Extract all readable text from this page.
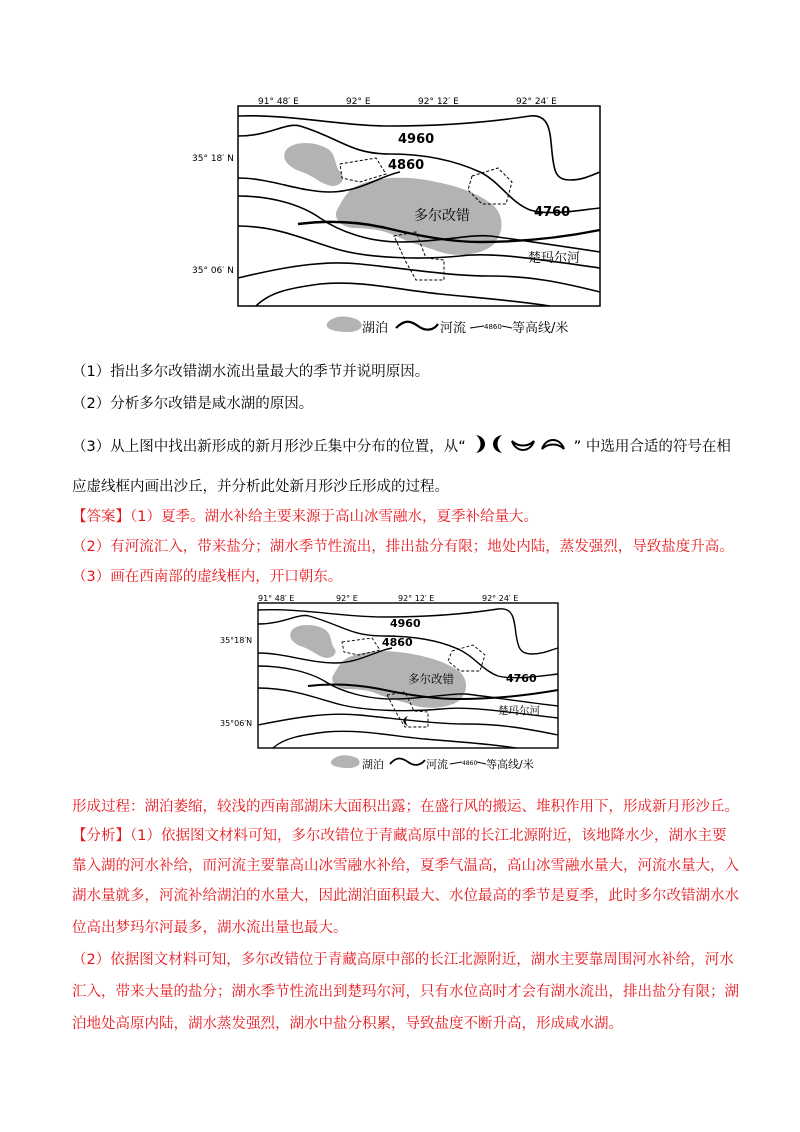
91° 48′ E	92° E	92° 12′ E	92° 24′ E
35° 18′ N
35° 06′ N
4960
4860
4760
多尔改错
楚玛尔河
湖泊	河流	4860 等高线/米
（1）指出多尔改错湖水流出量最大的季节并说明原因。
（2）分析多尔改错是咸水湖的原因。
（3）从上图中找出新形成的新月形沙丘集中分布的位置，从“	” 中选用合适的符号在相
应虚线框内画出沙丘，并分析此处新月形沙丘形成的过程。
【答案】（1）夏季。湖水补给主要来源于高山冰雪融水，夏季补给量大。
（2）有河流汇入，带来盐分；湖水季节性流出，排出盐分有限；地处内陆，蒸发强烈，导致盐度升高。
（3）画在西南部的虚线框内，开口朝东。
91° 48′ E	92° E	92° 12′ E	92° 24′ E
35°18′N
35°06′N
4960
4860
4760
多尔改错
楚玛尔河
湖泊	河流 4860 等高线/米
形成过程：湖泊萎缩，较浅的西南部湖床大面积出露；在盛行风的搬运、堆积作用下，形成新月形沙丘。
【分析】（1）依据图文材料可知，多尔改错位于青藏高原中部的长江北源附近，该地降水少，湖水主要
靠入湖的河水补给，而河流主要靠高山冰雪融水补给，夏季气温高，高山冰雪融水量大，河流水量大，入
湖水量就多，河流补给湖泊的水量大，因此湖泊面积最大、水位最高的季节是夏季，此时多尔改错湖水水
位高出梦玛尔河最多，湖水流出量也最大。
（2）依据图文材料可知，多尔改错位于青藏高原中部的长江北源附近，湖水主要靠周围河水补给，河水
汇入，带来大量的盐分；湖水季节性流出到楚玛尔河，只有水位高时才会有湖水流出，排出盐分有限；湖
泊地处高原内陆，湖水蒸发强烈，湖水中盐分积累，导致盐度不断升高，形成咸水湖。
